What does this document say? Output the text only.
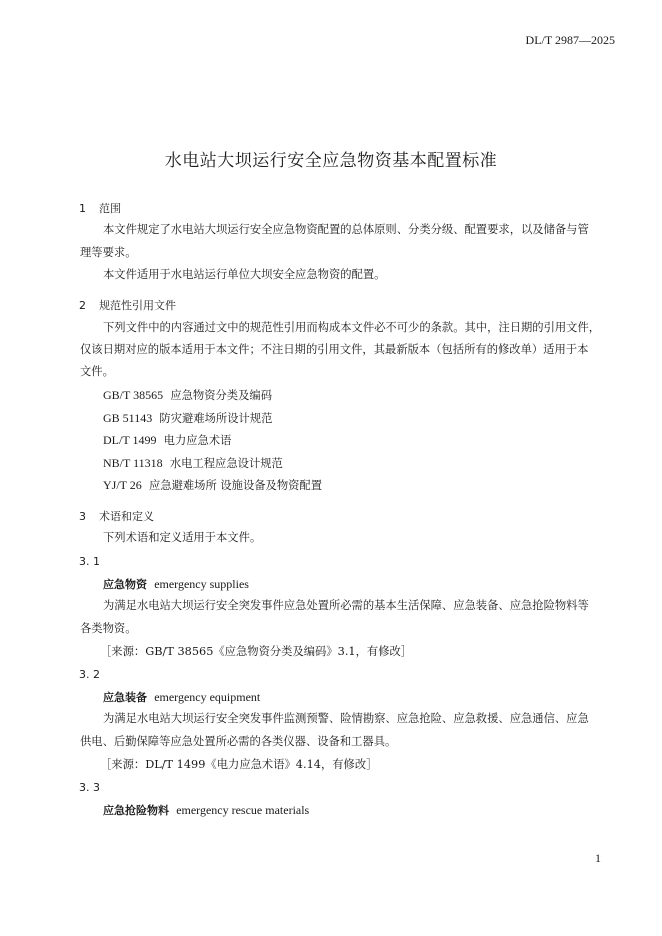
DL/T 2987—2025
水电站大坝运行安全应急物资基本配置标准
1 范围
本文件规定了水电站大坝运行安全应急物资配置的总体原则、分类分级、配置要求，以及储备与管
理等要求。
本文件适用于水电站运行单位大坝安全应急物资的配置。
2 规范性引用文件
下列文件中的内容通过文中的规范性引用而构成本文件必不可少的条款。其中，注日期的引用文件，
仅该日期对应的版本适用于本文件；不注日期的引用文件，其最新版本（包括所有的修改单）适用于本
文件。
GB/T 38565 应急物资分类及编码
GB 51143 防灾避难场所设计规范
DL/T 1499 电力应急术语
NB/T 11318 水电工程应急设计规范
YJ/T 26 应急避难场所 设施设备及物资配置
3 术语和定义
下列术语和定义适用于本文件。
3. 1
应急物资 emergency supplies
为满足水电站大坝运行安全突发事件应急处置所必需的基本生活保障、应急装备、应急抢险物料等
各类物资。
［来源：GB/T 38565《应急物资分类及编码》3.1，有修改］
3. 2
应急装备 emergency equipment
为满足水电站大坝运行安全突发事件监测预警、险情勘察、应急抢险、应急救援、应急通信、应急
供电、后勤保障等应急处置所必需的各类仪器、设备和工器具。
［来源：DL/T 1499《电力应急术语》4.14，有修改］
3. 3
应急抢险物料 emergency rescue materials
1
